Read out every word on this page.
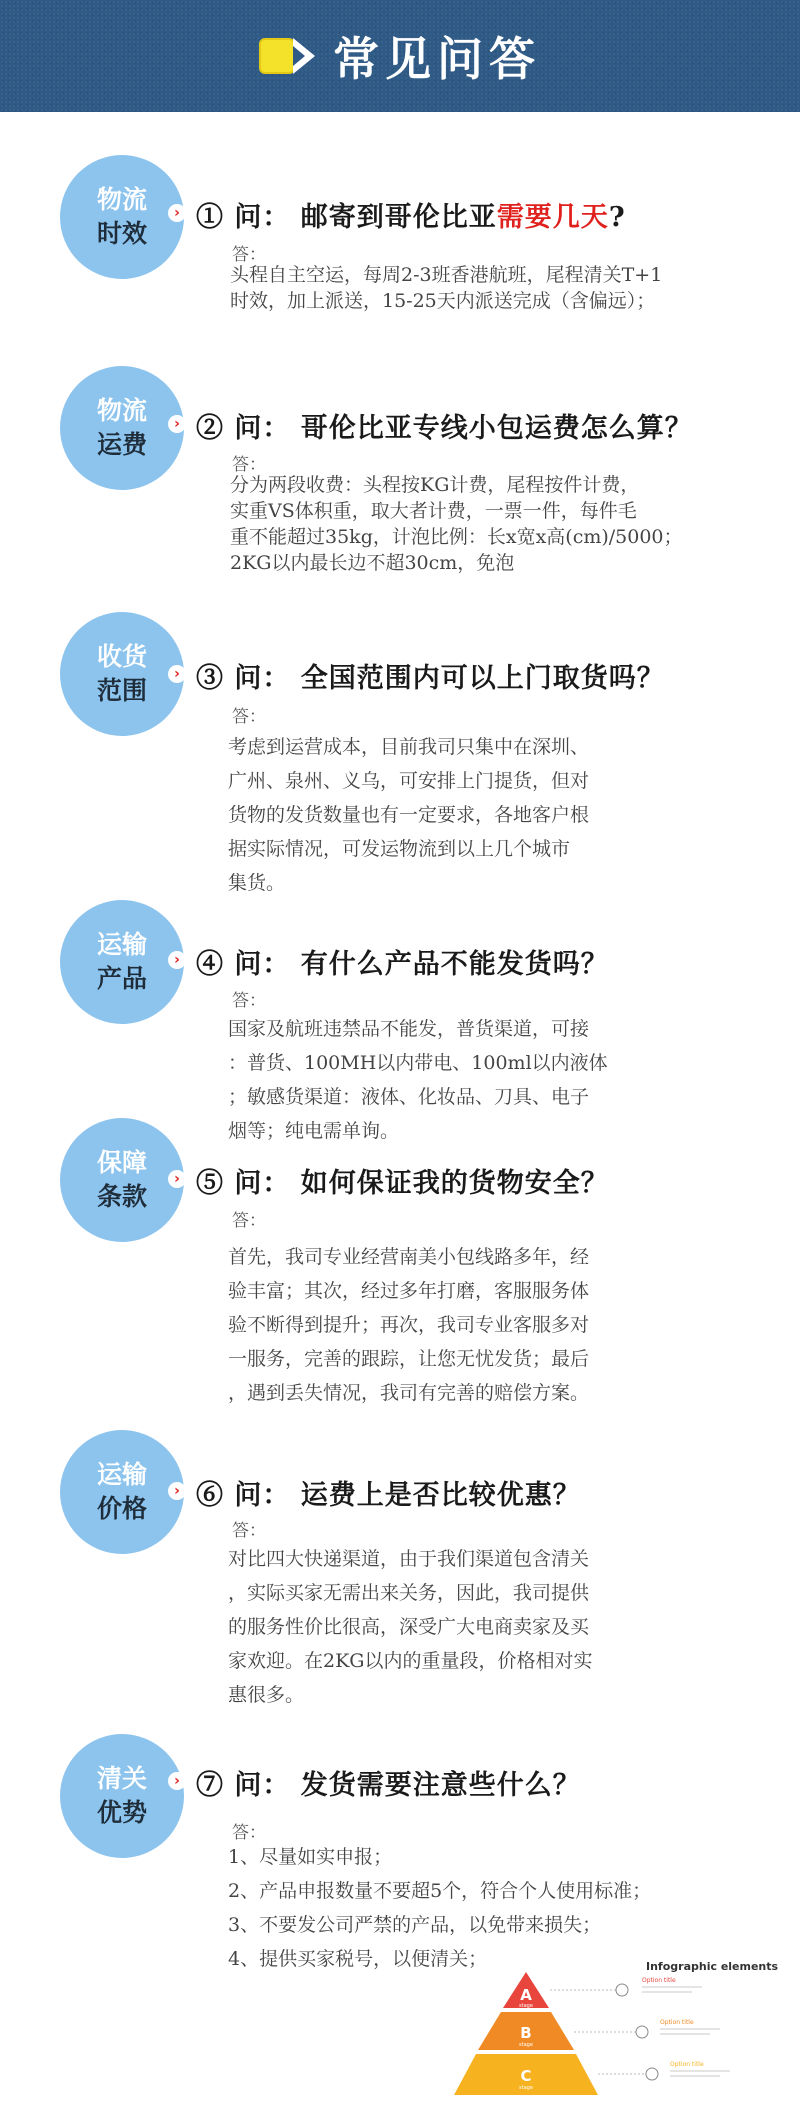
常见问答
物流
时效
› ① 问： 邮寄到哥伦比亚需要几天?
答：
头程自主空运，每周2-3班香港航班，尾程清关T+1
时效，加上派送，15-25天内派送完成（含偏远）；
物流
运费
› ② 问： 哥伦比亚专线小包运费怎么算？
答：
分为两段收费：头程按KG计费，尾程按件计费，
实重VS体积重，取大者计费，一票一件，每件毛
重不能超过35kg，计泡比例：长x宽x高(cm)/5000；
2KG以内最长边不超30cm，免泡
收货
范围
› ③ 问： 全国范围内可以上门取货吗？
答：
考虑到运营成本，目前我司只集中在深圳、
广州、泉州、义乌，可安排上门提货，但对
货物的发货数量也有一定要求，各地客户根
据实际情况，可发运物流到以上几个城市
集货。
运输
产品
› ④ 问： 有什么产品不能发货吗？
答：
国家及航班违禁品不能发，普货渠道，可接
：普货、100MH以内带电、100ml以内液体
；敏感货渠道：液体、化妆品、刀具、电子
烟等；纯电需单询。
保障
条款
› ⑤ 问： 如何保证我的货物安全？
答：
首先，我司专业经营南美小包线路多年，经
验丰富；其次，经过多年打磨，客服服务体
验不断得到提升；再次，我司专业客服多对
一服务，完善的跟踪，让您无忧发货；最后
，遇到丢失情况，我司有完善的赔偿方案。
运输
价格
› ⑥ 问： 运费上是否比较优惠？
答：
对比四大快递渠道，由于我们渠道包含清关
，实际买家无需出来关务，因此，我司提供
的服务性价比很高，深受广大电商卖家及买
家欢迎。在2KG以内的重量段，价格相对实
惠很多。
清关
优势
› ⑦ 问： 发货需要注意些什么？
答：
1、尽量如实申报；
2、产品申报数量不要超5个，符合个人使用标准；
3、不要发公司严禁的产品，以免带来损失；
4、提供买家税号，以便清关；	Infographic elements
A
stage
B
stage
C
stage
Option title
Option title
Option title
